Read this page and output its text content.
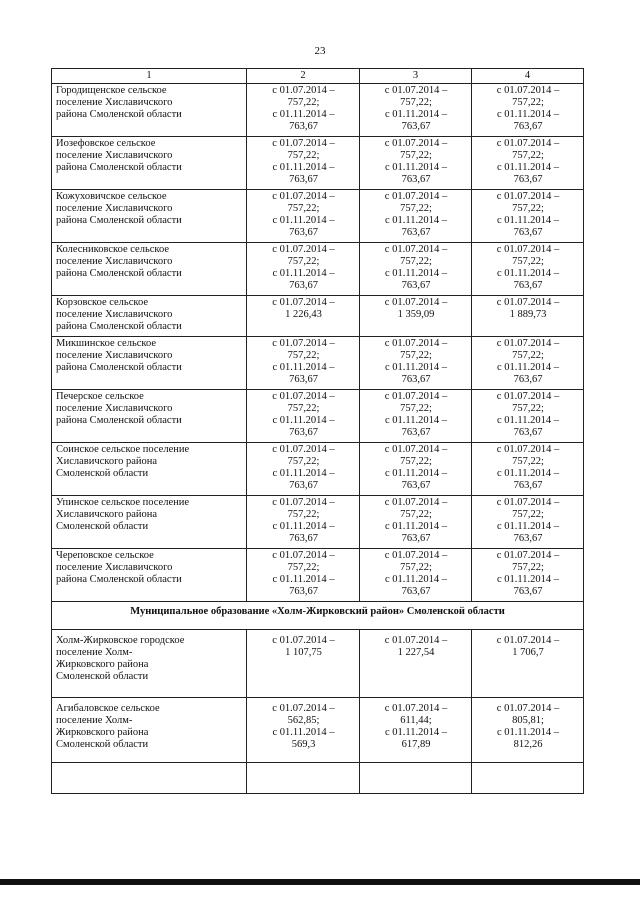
23
1	2	3	4

Городищенское сельское
поселение Хиславичского
района Смоленской области	с 01.07.2014 –
757,22;
с 01.11.2014 –
763,67	с 01.07.2014 –
757,22;
с 01.11.2014 –
763,67	с 01.07.2014 –
757,22;
с 01.11.2014 –
763,67

Иозефовское сельское
поселение Хиславичского
района Смоленской области	с 01.07.2014 –
757,22;
с 01.11.2014 –
763,67	с 01.07.2014 –
757,22;
с 01.11.2014 –
763,67	с 01.07.2014 –
757,22;
с 01.11.2014 –
763,67

Кожуховичское сельское
поселение Хиславичского
района Смоленской области	с 01.07.2014 –
757,22;
с 01.11.2014 –
763,67	с 01.07.2014 –
757,22;
с 01.11.2014 –
763,67	с 01.07.2014 –
757,22;
с 01.11.2014 –
763,67

Колесниковское сельское
поселение Хиславичского
района Смоленской области	с 01.07.2014 –
757,22;
с 01.11.2014 –
763,67	с 01.07.2014 –
757,22;
с 01.11.2014 –
763,67	с 01.07.2014 –
757,22;
с 01.11.2014 –
763,67

Корзовское сельское
поселение Хиславичского
района Смоленской области	с 01.07.2014 –
1 226,43	с 01.07.2014 –
1 359,09	с 01.07.2014 –
1 889,73

Микшинское сельское
поселение Хиславичского
района Смоленской области	с 01.07.2014 –
757,22;
с 01.11.2014 –
763,67	с 01.07.2014 –
757,22;
с 01.11.2014 –
763,67	с 01.07.2014 –
757,22;
с 01.11.2014 –
763,67

Печерское сельское
поселение Хиславичского
района Смоленской области	с 01.07.2014 –
757,22;
с 01.11.2014 –
763,67	с 01.07.2014 –
757,22;
с 01.11.2014 –
763,67	с 01.07.2014 –
757,22;
с 01.11.2014 –
763,67

Соинское сельское поселение
Хиславичского района
Смоленской области	с 01.07.2014 –
757,22;
с 01.11.2014 –
763,67	с 01.07.2014 –
757,22;
с 01.11.2014 –
763,67	с 01.07.2014 –
757,22;
с 01.11.2014 –
763,67

Упинское сельское поселение
Хиславичского района
Смоленской области	с 01.07.2014 –
757,22;
с 01.11.2014 –
763,67	с 01.07.2014 –
757,22;
с 01.11.2014 –
763,67	с 01.07.2014 –
757,22;
с 01.11.2014 –
763,67

Череповское сельское
поселение Хиславичского
района Смоленской области	с 01.07.2014 –
757,22;
с 01.11.2014 –
763,67	с 01.07.2014 –
757,22;
с 01.11.2014 –
763,67	с 01.07.2014 –
757,22;
с 01.11.2014 –
763,67

Муниципальное образование «Холм-Жирковский район» Смоленской области			

Холм-Жирковское городское
поселение Холм-
Жирковского района
Смоленской области	с 01.07.2014 –
1 107,75	с 01.07.2014 –
1 227,54	с 01.07.2014 –
1 706,7

Агибаловское сельское
поселение Холм-
Жирковского района
Смоленской области	с 01.07.2014 –
562,85;
с 01.11.2014 –
569,3	с 01.07.2014 –
611,44;
с 01.11.2014 –
617,89	с 01.07.2014 –
805,81;
с 01.11.2014 –
812,26
